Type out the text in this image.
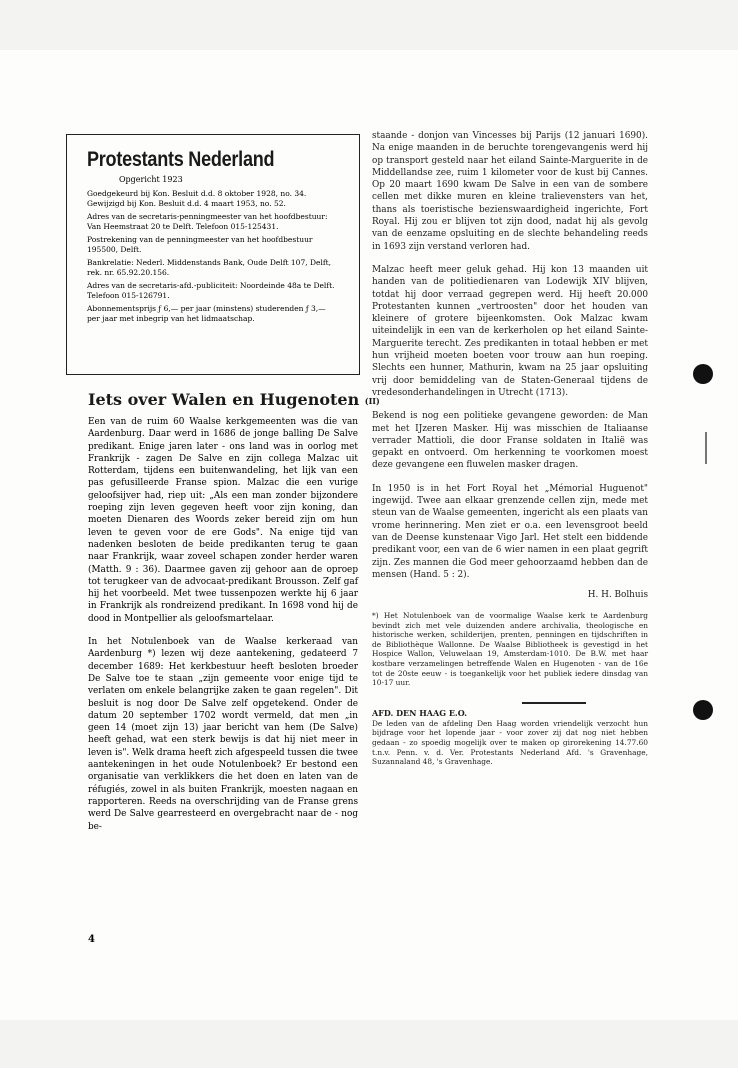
Protestants Nederland
Opgericht 1923

Goedgekeurd bij Kon. Besluit d.d. 8 oktober 1928, no. 34. Gewijzigd bij Kon. Besluit d.d. 4 maart 1953, no. 52.

Adres van de secretaris-penningmeester van het hoofdbestuur: Van Heemstraat 20 te Delft. Telefoon 015-125431.

Postrekening van de penningmeester van het hoofdbestuur 195500, Delft.

Bankrelatie: Nederl. Middenstands Bank, Oude Delft 107, Delft, rek. nr. 65.92.20.156.

Adres van de secretaris-afd.-publiciteit: Noordeinde 48a te Delft. Telefoon 015-126791.

Abonnementsprijs ƒ 6,— per jaar (minstens) studerenden ƒ 3,— per jaar met inbegrip van het lidmaatschap.

Iets over Walen en Hugenoten (II)

Een van de ruim 60 Waalse kerkgemeenten was die van Aardenburg. Daar werd in 1686 de jonge balling De Salve predikant. Enige jaren later - ons land was in oorlog met Frankrijk - zagen De Salve en zijn collega Malzac uit Rotterdam, tijdens een buitenwandeling, het lijk van een pas gefusilleerde Franse spion. Malzac die een vurige geloofsijver had, riep uit: „Als een man zonder bijzondere roeping zijn leven gegeven heeft voor zijn koning, dan moeten Dienaren des Woords zeker bereid zijn om hun leven te geven voor de ere Gods". Na enige tijd van nadenken besloten de beide predikanten terug te gaan naar Frankrijk, waar zoveel schapen zonder herder waren (Matth. 9 : 36). Daarmee gaven zij gehoor aan de oproep tot terugkeer van de advocaat-predikant Brousson. Zelf gaf hij het voorbeeld. Met twee tussenpozen werkte hij 6 jaar in Frankrijk als rondreizend predikant. In 1698 vond hij de dood in Montpellier als geloofsmartelaar.

In het Notulenboek van de Waalse kerkeraad van Aardenburg *) lezen wij deze aantekening, gedateerd 7 december 1689: Het kerkbestuur heeft besloten broeder De Salve toe te staan „zijn gemeente voor enige tijd te verlaten om enkele belangrijke zaken te gaan regelen". Dit besluit is nog door De Salve zelf opgetekend. Onder de datum 20 september 1702 wordt vermeld, dat men „in geen 14 (moet zijn 13) jaar bericht van hem (De Salve) heeft gehad, wat een sterk bewijs is dat hij niet meer in leven is". Welk drama heeft zich afgespeeld tussen die twee aantekeningen in het oude Notulenboek? Er bestond een organisatie van verklikkers die het doen en laten van de réfugiés, zowel in als buiten Frankrijk, moesten nagaan en rapporteren. Reeds na overschrijding van de Franse grens werd De Salve gearresteerd en overgebracht naar de - nog be-

staande - donjon van Vincesses bij Parijs (12 januari 1690). Na enige maanden in de beruchte torengevangenis werd hij op transport gesteld naar het eiland Sainte-Marguerite in de Middellandse zee, ruim 1 kilometer voor de kust bij Cannes. Op 20 maart 1690 kwam De Salve in een van de sombere cellen met dikke muren en kleine tralievensters van het, thans als toeristische bezienswaardigheid ingerichte, Fort Royal. Hij zou er blijven tot zijn dood, nadat hij als gevolg van de eenzame opsluiting en de slechte behandeling reeds in 1693 zijn verstand verloren had.

Malzac heeft meer geluk gehad. Hij kon 13 maanden uit handen van de politiedienaren van Lodewijk XIV blijven, totdat hij door verraad gegrepen werd. Hij heeft 20.000 Protestanten kunnen „vertroosten" door het houden van kleinere of grotere bijeenkomsten. Ook Malzac kwam uiteindelijk in een van de kerkerholen op het eiland Sainte-Marguerite terecht. Zes predikanten in totaal hebben er met hun vrijheid moeten boeten voor trouw aan hun roeping. Slechts een hunner, Mathurin, kwam na 25 jaar opsluiting vrij door bemiddeling van de Staten-Generaal tijdens de vredesonderhandelingen in Utrecht (1713).

Bekend is nog een politieke gevangene geworden: de Man met het IJzeren Masker. Hij was misschien de Italiaanse verrader Mattioli, die door Franse soldaten in Italië was gepakt en ontvoerd. Om herkenning te voorkomen moest deze gevangene een fluwelen masker dragen.

In 1950 is in het Fort Royal het „Mémorial Huguenot" ingewijd. Twee aan elkaar grenzende cellen zijn, mede met steun van de Waalse gemeenten, ingericht als een plaats van vrome herinnering. Men ziet er o.a. een levensgroot beeld van de Deense kunstenaar Vigo Jarl. Het stelt een biddende predikant voor, een van de 6 wier namen in een plaat gegrift zijn. Zes mannen die God meer gehoorzaamd hebben dan de mensen (Hand. 5 : 2).

H. H. Bolhuis

*) Het Notulenboek van de voormalige Waalse kerk te Aardenburg bevindt zich met vele duizenden andere archivalia, theologische en historische werken, schilderijen, prenten, penningen en tijdschriften in de Bibliothèque Wallonne. De Waalse Bibliotheek is gevestigd in het Hospice Wallon, Veluwelaan 19, Amsterdam-1010. De B.W. met haar kostbare verzamelingen betreffende Walen en Hugenoten - van de 16e tot de 20ste eeuw - is toegankelijk voor het publiek iedere dinsdag van 10-17 uur.

AFD. DEN HAAG E.O.

De leden van de afdeling Den Haag worden vriendelijk verzocht hun bijdrage voor het lopende jaar - voor zover zij dat nog niet hebben gedaan - zo spoedig mogelijk over te maken op girorekening 14.77.60 t.n.v. Penn. v. d. Ver. Protestants Nederland Afd. 's Gravenhage, Suzannaland 48, 's Gravenhage.

4
